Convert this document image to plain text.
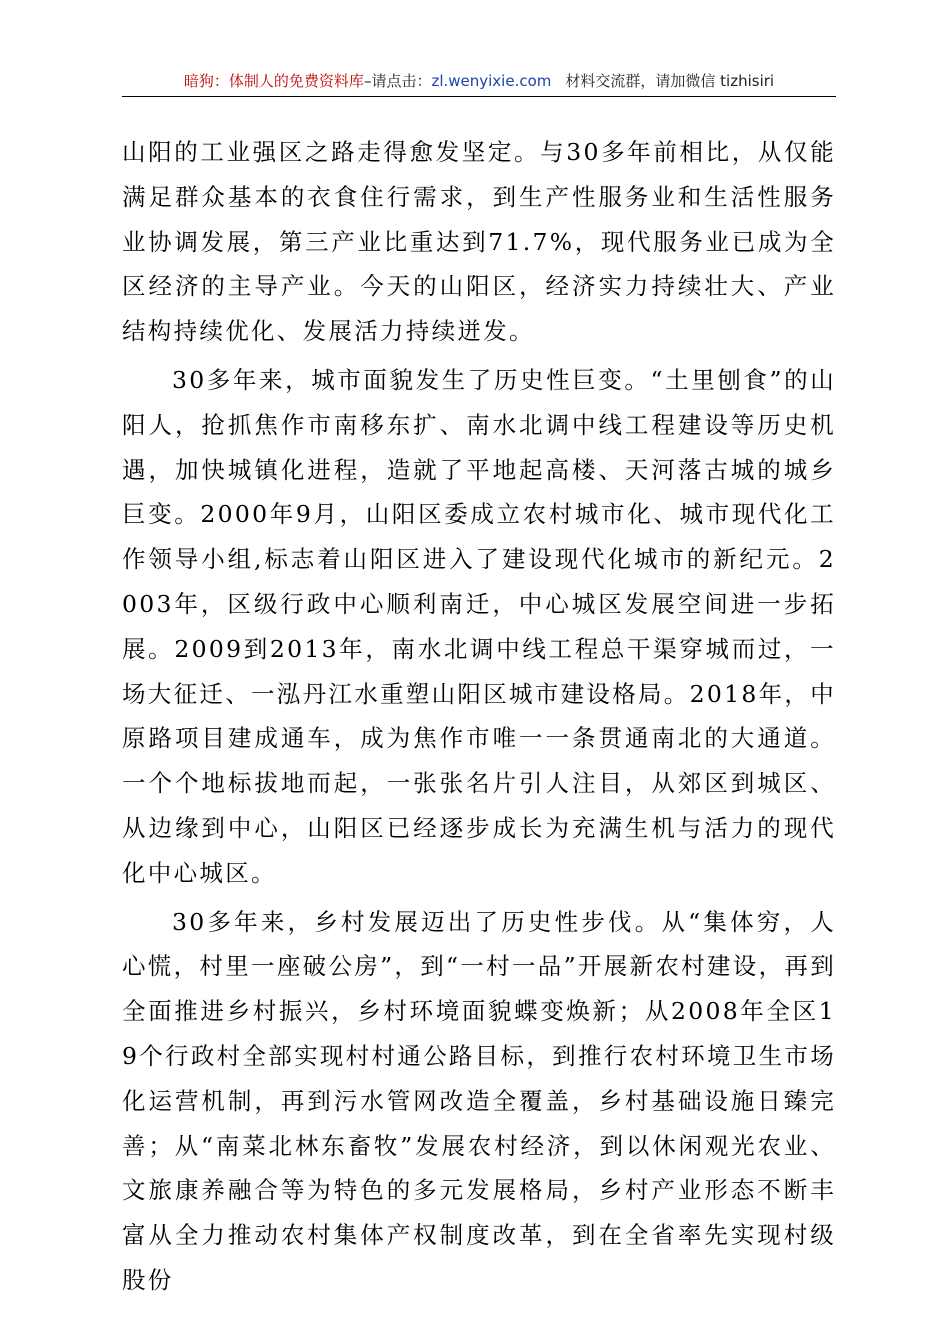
暗狗：体制人的免费资料库–请点击：zl.wenyixie.com 材料交流群，请加微信 tizhisiri

山阳的工业强区之路走得愈发坚定。与30多年前相比，从仅能满足群众基本的衣食住行需求，到生产性服务业和生活性服务业协调发展，第三产业比重达到71.7%，现代服务业已成为全区经济的主导产业。今天的山阳区，经济实力持续壮大、产业结构持续优化、发展活力持续迸发。

30多年来，城市面貌发生了历史性巨变。“土里刨食”的山阳人，抢抓焦作市南移东扩、南水北调中线工程建设等历史机遇，加快城镇化进程，造就了平地起高楼、天河落古城的城乡巨变。2000年9月，山阳区委成立农村城市化、城市现代化工作领导小组,标志着山阳区进入了建设现代化城市的新纪元。2003年，区级行政中心顺利南迁，中心城区发展空间进一步拓展。2009到2013年，南水北调中线工程总干渠穿城而过，一场大征迁、一泓丹江水重塑山阳区城市建设格局。2018年，中原路项目建成通车，成为焦作市唯一一条贯通南北的大通道。一个个地标拔地而起，一张张名片引人注目，从郊区到城区、从边缘到中心，山阳区已经逐步成长为充满生机与活力的现代化中心城区。

30多年来，乡村发展迈出了历史性步伐。从“集体穷，人心慌，村里一座破公房”，到“一村一品”开展新农村建设，再到全面推进乡村振兴，乡村环境面貌蝶变焕新；从2008年全区19个行政村全部实现村村通公路目标，到推行农村环境卫生市场化运营机制，再到污水管网改造全覆盖，乡村基础设施日臻完善；从“南菜北林东畜牧”发展农村经济，到以休闲观光农业、文旅康养融合等为特色的多元发展格局，乡村产业形态不断丰富从全力推动农村集体产权制度改革，到在全省率先实现村级股份
